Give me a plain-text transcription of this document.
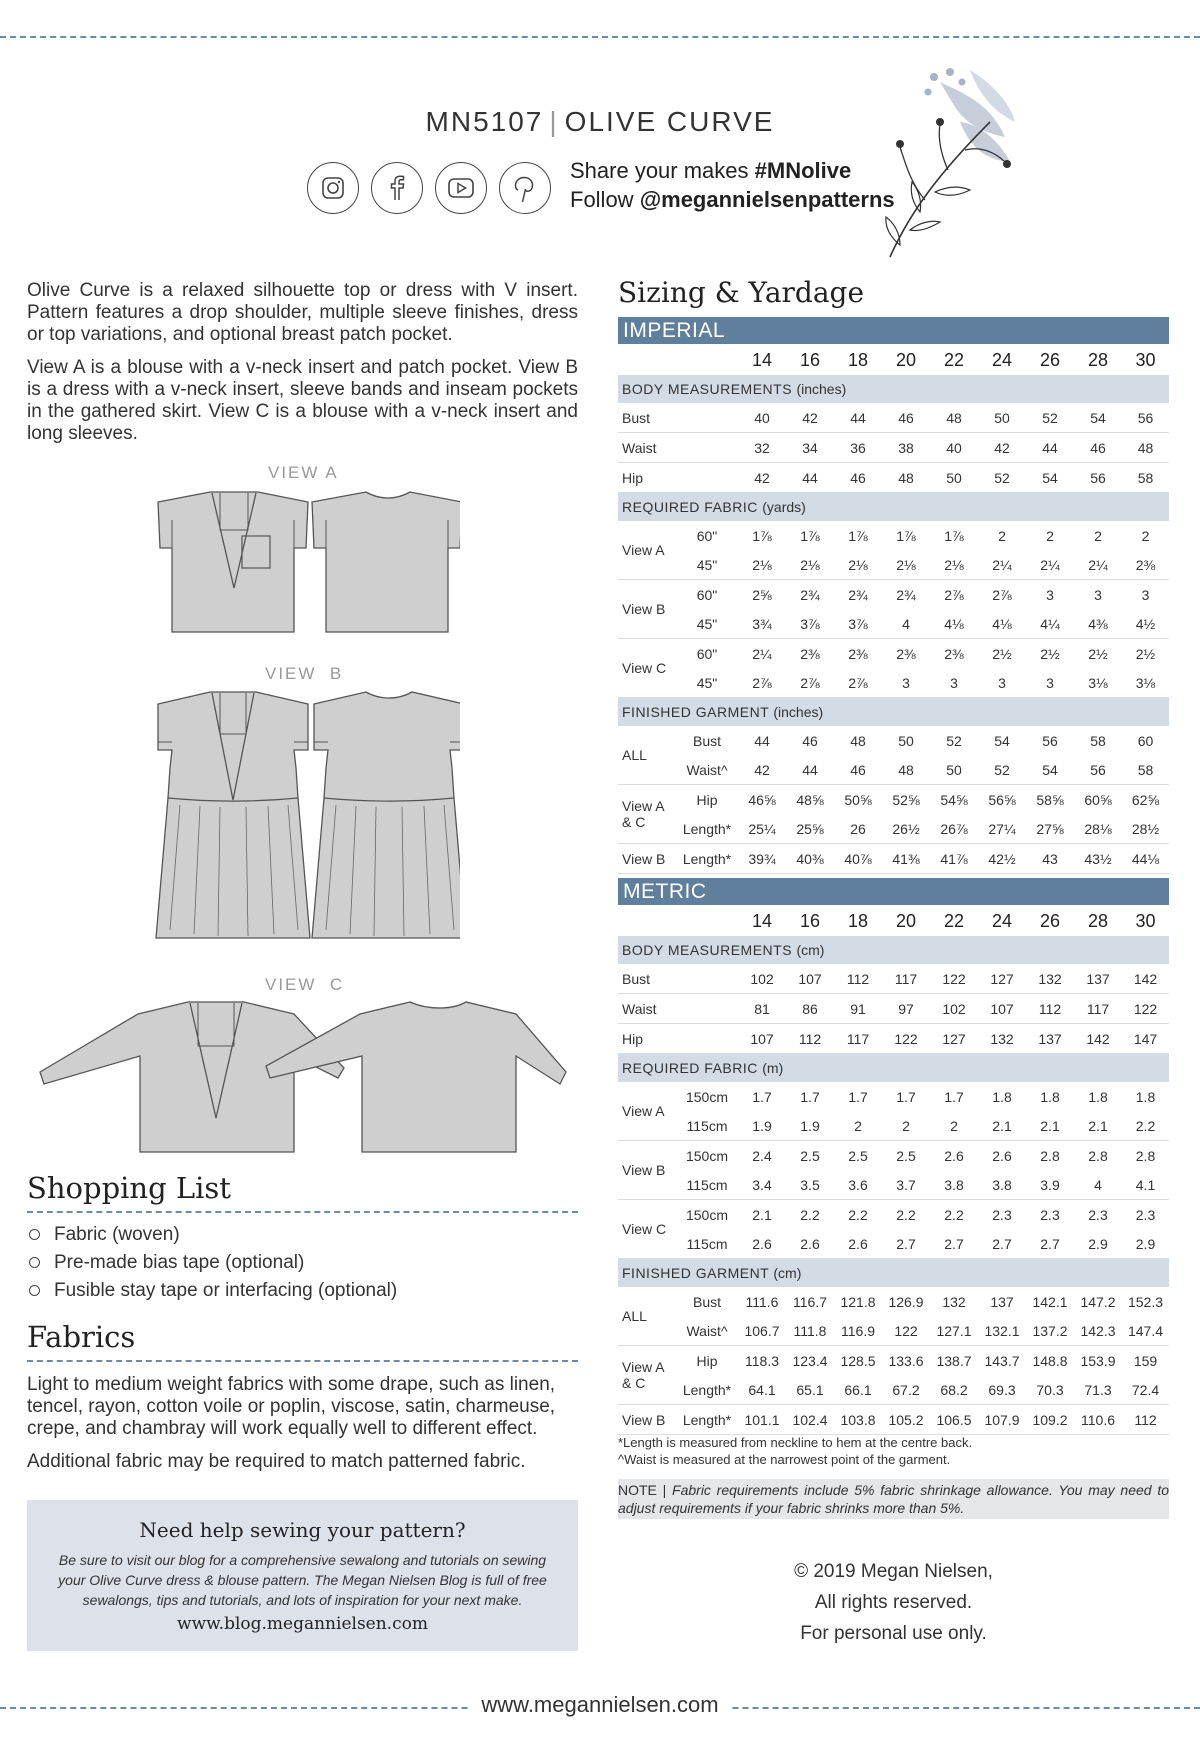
MN5107 | OLIVE CURVE
Share your makes #MNolive
Follow @megannielsenpatterns

Olive Curve is a relaxed silhouette top or dress with V insert. Pattern features a drop shoulder, multiple sleeve finishes, dress or top variations, and optional breast patch pocket.

View A is a blouse with a v-neck insert and patch pocket. View B is a dress with a v-neck insert, sleeve bands and inseam pockets in the gathered skirt. View C is a blouse with a v-neck insert and long sleeves.

VIEW A
VIEW  B
VIEW  C
Shopping List
Fabric (woven)
Pre-made bias tape (optional)
Fusible stay tape or interfacing (optional)
Fabrics

Light to medium weight fabrics with some drape, such as linen, tencel, rayon, cotton voile or poplin, viscose, satin, charmeuse, crepe, and chambray will work equally well to different effect.

Additional fabric may be required to match patterned fabric.

Need help sewing your pattern?
Be sure to visit our blog for a comprehensive sewalong and tutorials on sewing your Olive Curve dress & blouse pattern. The Megan Nielsen Blog is full of free sewalongs, tips and tutorials, and lots of inspiration for your next make.
www.blog.megannielsen.com
Sizing & Yardage
IMPERIAL
		14	16	18	20	22	24	26	28	30
BODY MEASUREMENTS (inches)										
Bust		40	42	44	46	48	50	52	54	56
Waist		32	34	36	38	40	42	44	46	48
Hip		42	44	46	48	50	52	54	56	58
REQUIRED FABRIC (yards)										
View A	60"	1⅞	1⅞	1⅞	1⅞	1⅞	2	2	2	2
	45"	2⅛	2⅛	2⅛	2⅛	2⅛	2¼	2¼	2¼	2⅜
View B	60"	2⅝	2¾	2¾	2¾	2⅞	2⅞	3	3	3
	45"	3¾	3⅞	3⅞	4	4⅛	4⅛	4¼	4⅜	4½
View C	60"	2¼	2⅜	2⅜	2⅜	2⅜	2½	2½	2½	2½
	45"	2⅞	2⅞	2⅞	3	3	3	3	3⅛	3⅛
FINISHED GARMENT (inches)										
ALL	Bust	44	46	48	50	52	54	56	58	60
	Waist^	42	44	46	48	50	52	54	56	58
View A & C	Hip	46⅝	48⅝	50⅝	52⅝	54⅝	56⅝	58⅝	60⅝	62⅝
	Length*	25¼	25⅝	26	26½	26⅞	27¼	27⅝	28⅛	28½
View B	Length*	39¾	40⅜	40⅞	41⅜	41⅞	42½	43	43½	44⅛
METRIC
		14	16	18	20	22	24	26	28	30
BODY MEASUREMENTS (cm)										
Bust		102	107	112	117	122	127	132	137	142
Waist		81	86	91	97	102	107	112	117	122
Hip		107	112	117	122	127	132	137	142	147
REQUIRED FABRIC (m)										
View A	150cm	1.7	1.7	1.7	1.7	1.7	1.8	1.8	1.8	1.8
	115cm	1.9	1.9	2	2	2	2.1	2.1	2.1	2.2
View B	150cm	2.4	2.5	2.5	2.5	2.6	2.6	2.8	2.8	2.8
	115cm	3.4	3.5	3.6	3.7	3.8	3.8	3.9	4	4.1
View C	150cm	2.1	2.2	2.2	2.2	2.2	2.3	2.3	2.3	2.3
	115cm	2.6	2.6	2.6	2.7	2.7	2.7	2.7	2.9	2.9
FINISHED GARMENT (cm)										
ALL	Bust	111.6	116.7	121.8	126.9	132	137	142.1	147.2	152.3
	Waist^	106.7	111.8	116.9	122	127.1	132.1	137.2	142.3	147.4
View A & C	Hip	118.3	123.4	128.5	133.6	138.7	143.7	148.8	153.9	159
	Length*	64.1	65.1	66.1	67.2	68.2	69.3	70.3	71.3	72.4
View B	Length*	101.1	102.4	103.8	105.2	106.5	107.9	109.2	110.6	112
*Length is measured from neckline to hem at the centre back.
^Waist is measured at the narrowest point of the garment.
NOTE | Fabric requirements include 5% fabric shrinkage allowance. You may need to adjust requirements if your fabric shrinks more than 5%.
© 2019 Megan Nielsen,
All rights reserved.
For personal use only.
www.megannielsen.com
